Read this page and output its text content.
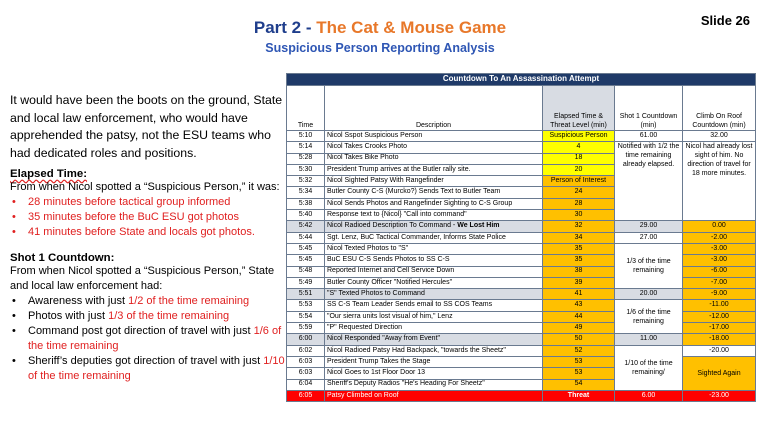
Part 2 - The Cat & Mouse Game
Suspicious Person Reporting Analysis
Slide 26
It would have been the boots on the ground, State and local law enforcement, who would have apprehended the patsy, not the ESU teams who had dedicated roles and positions.
Elapsed Time:
From when Nicol spotted a “Suspicious Person,” it was:
• 28 minutes before tactical group informed
• 35 minutes before the BuC ESU got photos
• 41 minutes before State and locals got photos.
Shot 1 Countdown:
From when Nicol spotted a “Suspicious Person,” State and local law enforcement had:
• Awareness with just 1/2 of the time remaining
• Photos with just 1/3 of the time remaining
• Command post got direction of travel with just 1/6 of the time remaining
• Sheriff’s deputies got direction of travel with just 1/10 of the time remaining
Countdown To An Assassination Attempt				
Time	Description	Elapsed Time & Threat Level (min)	Shot 1 Countdown (min)	Climb On Roof Countdown (min)
5:10	Nicol Sspot Suspicious Person	Suspicious Person	61.00	32.00
5:14	Nicol Takes Crooks Photo	4	Notified with 1/2 the time remaining already elapsed.	Nicol had already lost sight of him. No direction of travel for 18 more minutes.
5:28	Nicol Takes Bike Photo	18		
5:30	President Trump arrives at the Butler rally site.	20		
5:32	Nicol Sighted Patsy With Rangefinder	Person of Interest		
5:34	Butler County C-S (Murcko?) Sends Text to Butler Team	24		
5:38	Nicol Sends Photos and Rangefinder Sighting to C-S Group	28		
5:40	Response text to {Nicol} "Call into command"	30		
5:42	Nicol Radioed Description To Command - We Lost Him	32	29.00	0.00
5:44	Sgt. Lenz, BuC Tactical Commander, Informs State Police	34	27.00	-2.00
5:45	Nicol Texted Photos to "S"	35	1/3 of the time remaining	-3.00
5:45	BuC ESU C-S Sends Photos to SS C-S	35		-3.00
5:48	Reported Internet and Cell Service Down	38		-6.00
5:49	Butler County Officer "Notified Hercules"	39		-7.00
5:51	"S" Texted Photos to Command	41	20.00	-9.00
5:53	SS C-S Team Leader Sends email to SS COS Teams	43	1/6 of the time remaining	-11.00
5:54	"Our sierra units lost visual of him," Lenz	44		-12.00
5:59	"P" Requested Direction	49		-17.00
6:00	Nicol Responded "Away from Event"	50	11.00	-18.00
6:02	Nicol Radioed Patsy Had Backpack, "towards the Sheetz"	52	1/10 of the time remaining/	-20.00
6:03	President Trump Takes the Stage	53		Sighted Again
6:03	Nicol Goes to 1st Floor Door 13	53		
6:04	Sheriff's Deputy Radios "He's Heading For Sheetz"	54		
6:05	Patsy Climbed on Roof	Threat	6.00	-23.00
